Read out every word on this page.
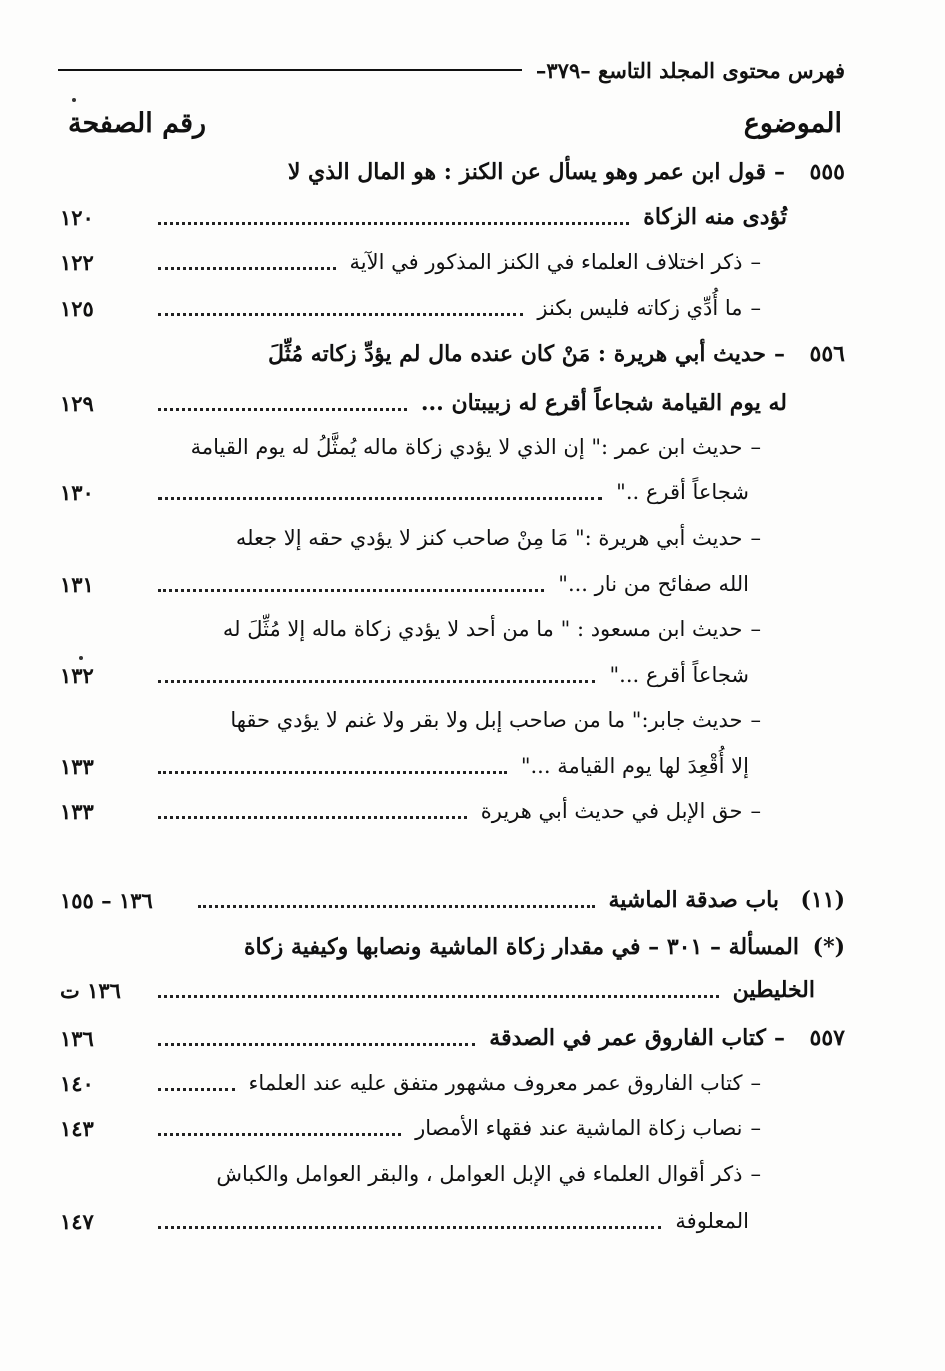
فهرس محتوى المجلد التاسع –٣٧٩–
الموضوع
رقم الصفحة
٥٥٥
–
قول ابن عمر وهو يسأل عن الكنز : هو المال الذي لا
تُؤدى منه الزكاة
١٢٠
–
ذكر اختلاف العلماء في الكنز المذكور في الآية
١٢٢
–
ما أُدِّي زكاته فليس بكنز
١٢٥
٥٥٦
–
حديث أبي هريرة : مَنْ كان عنده مال لم يؤدِّ زكاته مُثِّلَ
له يوم القيامة شجاعاً أقرع له زبيبتان ...
١٢٩
–
حديث ابن عمر :" إن الذي لا يؤدي زكاة ماله يُمثَّلُ له يوم القيامة
شجاعاً أقرع .."
١٣٠
–
حديث أبي هريرة :" مَا مِنْ صاحب كنز لا يؤدي حقه إلا جعله
الله صفائح من نار ..."
١٣١
–
حديث ابن مسعود : " ما من أحد لا يؤدي زكاة ماله إلا مُثِّلَ له
شجاعاً أقرع ..."
١٣٢
–
حديث جابر:" ما من صاحب إبل ولا بقر ولا غنم لا يؤدي حقها
إلا أُقْعِدَ لها يوم القيامة ..."
١٣٣
–
حق الإبل في حديث أبي هريرة
١٣٣
(١١)
باب صدقة الماشية
١٣٦ – ١٥٥
(*)
المسألة – ٣٠١ – في مقدار زكاة الماشية ونصابها وكيفية زكاة
الخليطين
١٣٦ ت
٥٥٧
–
كتاب الفاروق عمر في الصدقة
١٣٦
–
كتاب الفاروق عمر معروف مشهور متفق عليه عند العلماء
١٤٠
–
نصاب زكاة الماشية عند فقهاء الأمصار
١٤٣
–
ذكر أقوال العلماء في الإبل العوامل ، والبقر العوامل والكباش
المعلوفة
١٤٧
